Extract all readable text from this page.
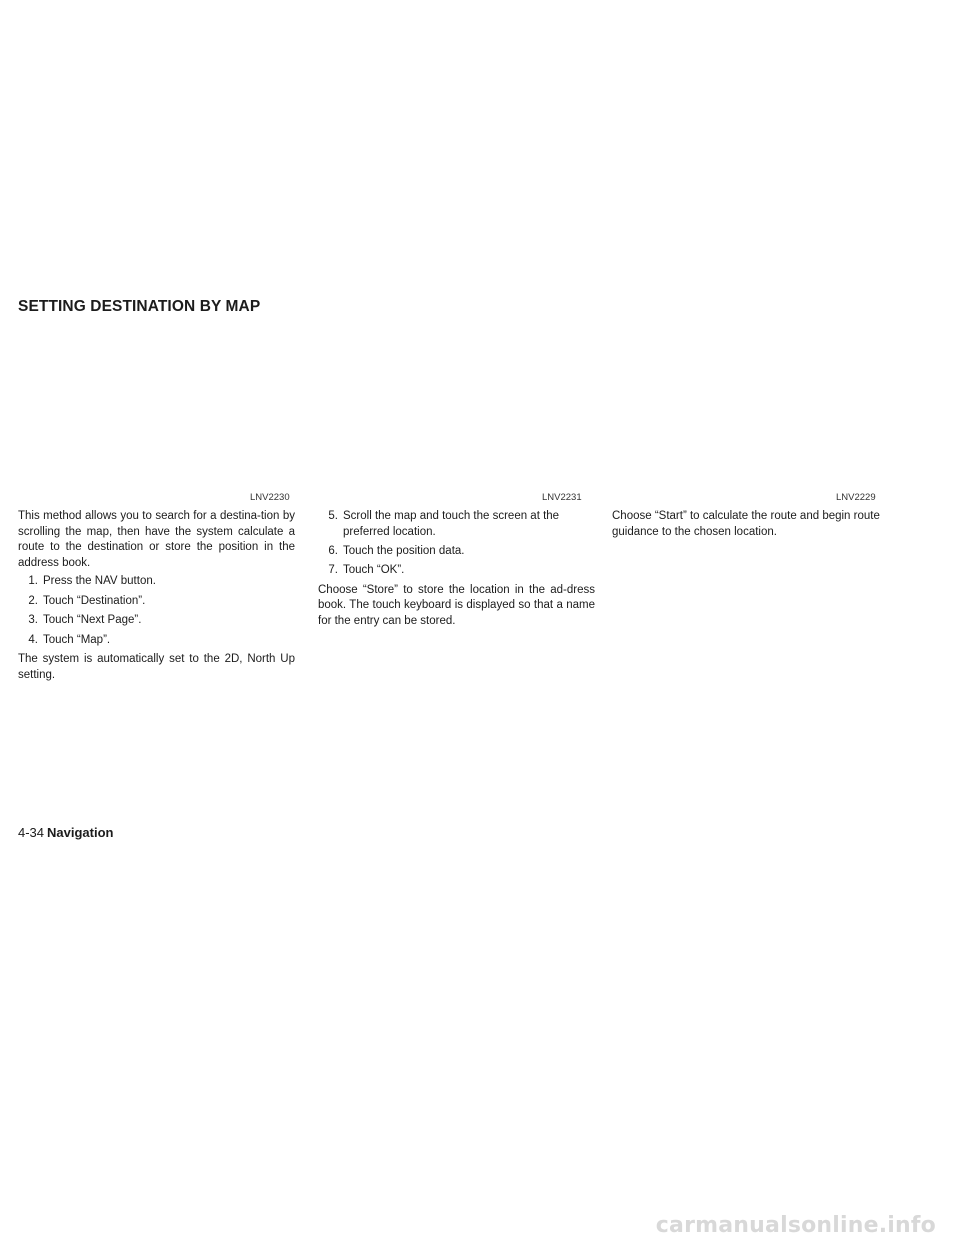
SETTING DESTINATION BY MAP
LNV2230	LNV2231	LNV2229

This method allows you to search for a destina-tion by scrolling the map, then have the system calculate a route to the destination or store the position in the address book.

1. Press the NAV button.
2. Touch “Destination”.
3. Touch “Next Page”.
4. Touch “Map”.

The system is automatically set to the 2D, North Up setting.

5. Scroll the map and touch the screen at the preferred location.
6. Touch the position data.
7. Touch “OK”.

Choose “Store” to store the location in the ad-dress book. The touch keyboard is displayed so that a name for the entry can be stored.

Choose “Start” to calculate the route and begin route guidance to the chosen location.

4-34 Navigation
carmanualsonline.info
